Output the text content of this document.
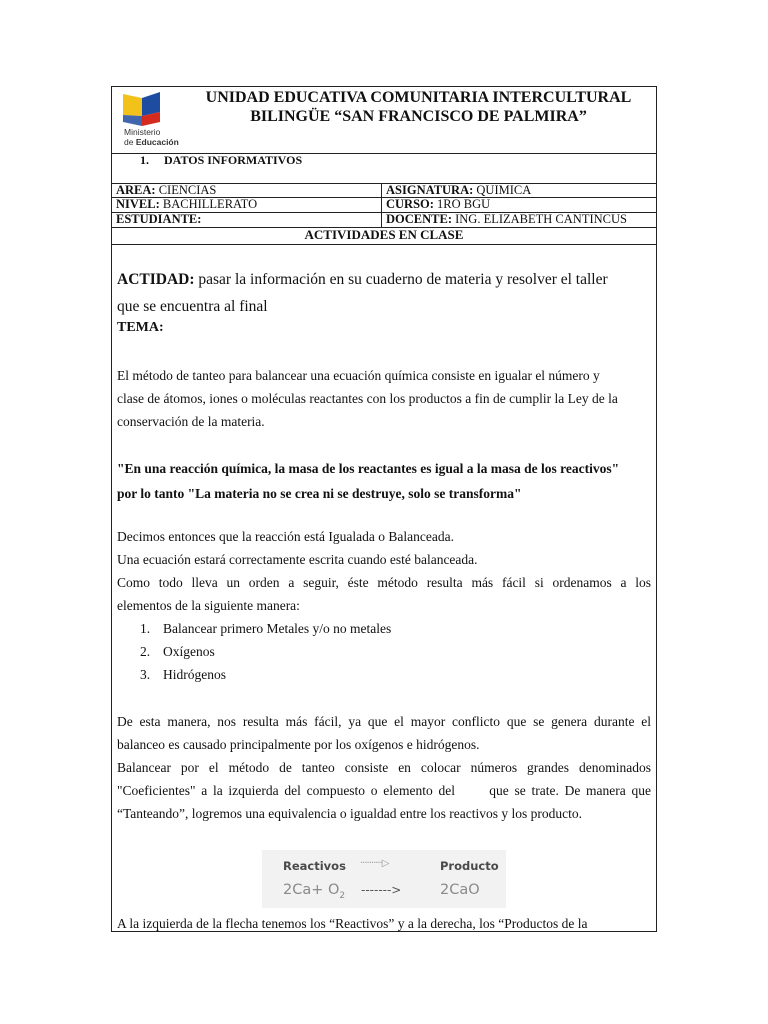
Ministerio
de Educación
UNIDAD EDUCATIVA COMUNITARIA INTERCULTURAL
BILINGÜE “SAN FRANCISCO DE PALMIRA”
1. DATOS INFORMATIVOS
AREA: CIENCIAS	ASIGNATURA: QUIMICA
NIVEL: BACHILLERATO	CURSO: 1RO BGU
ESTUDIANTE:	DOCENTE: ING. ELIZABETH CANTINCUS
ACTIVIDADES EN CLASE
ACTIDAD: pasar la información en su cuaderno de materia y resolver el taller
que se encuentra al final
TEMA:
El método de tanteo para balancear una ecuación química consiste en igualar el número y
clase de átomos, iones o moléculas reactantes con los productos a fin de cumplir la Ley de la
conservación de la materia.
"En una reacción química, la masa de los reactantes es igual a la masa de los reactivos"
por lo tanto "La materia no se crea ni se destruye, solo se transforma"
Decimos entonces que la reacción está Igualada o Balanceada.
Una ecuación estará correctamente escrita cuando esté balanceada.
Como todo lleva un orden a seguir, éste método resulta más fácil si ordenamos a los
elementos de la siguiente manera:
1. Balancear primero Metales y/o no metales
2. Oxígenos
3. Hidrógenos
De esta manera, nos resulta más fácil, ya que el mayor conflicto que se genera durante el
balanceo es causado principalmente por los oxígenos e hidrógenos.
Balancear por el método de tanteo consiste en colocar números grandes denominados
"Coeficientes" a la izquierda del compuesto o elemento del      que se trate. De manera que
“Tanteando”, logremos una equivalencia o igualdad entre los reactivos y los producto.
Reactivos ··········▷	Producto
$2Ca+ O_2$ ------->	2CaO
A la izquierda de la flecha tenemos los “Reactivos” y a la derecha, los “Productos de la
